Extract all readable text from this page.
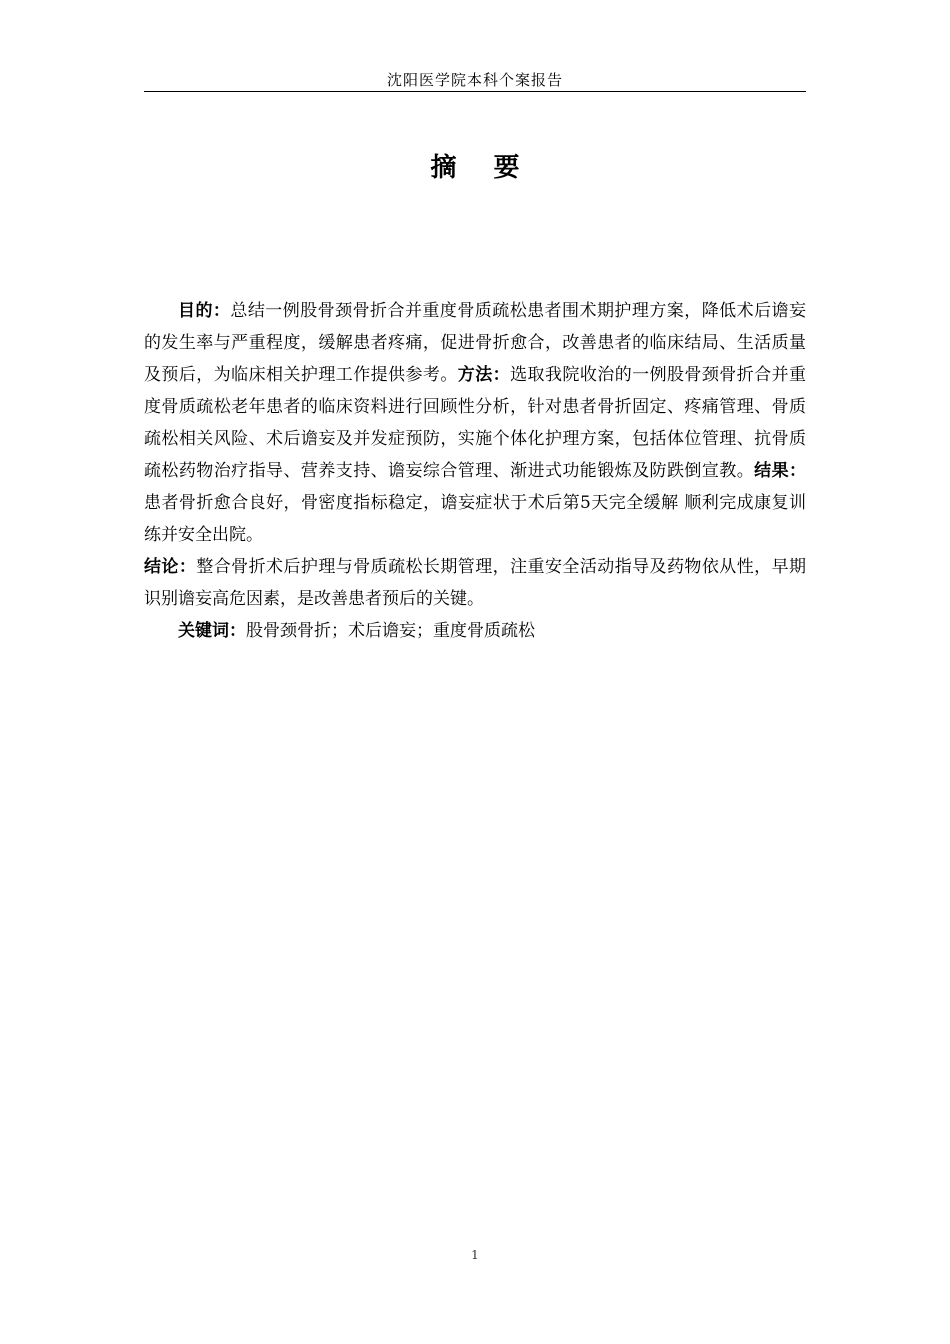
沈阳医学院本科个案报告
摘 要

目的：总结一例股骨颈骨折合并重度骨质疏松患者围术期护理方案，降低术后谵妄的发生率与严重程度，缓解患者疼痛，促进骨折愈合，改善患者的临床结局、生活质量及预后，为临床相关护理工作提供参考。方法：选取我院收治的一例股骨颈骨折合并重度骨质疏松老年患者的临床资料进行回顾性分析，针对患者骨折固定、疼痛管理、骨质疏松相关风险、术后谵妄及并发症预防，实施个体化护理方案，包括体位管理、抗骨质疏松药物治疗指导、营养支持、谵妄综合管理、渐进式功能锻炼及防跌倒宣教。结果：患者骨折愈合良好，骨密度指标稳定，谵妄症状于术后第5天完全缓解 顺利完成康复训练并安全出院。

结论：整合骨折术后护理与骨质疏松长期管理，注重安全活动指导及药物依从性，早期识别谵妄高危因素，是改善患者预后的关键。

关键词：股骨颈骨折；术后谵妄；重度骨质疏松

1
